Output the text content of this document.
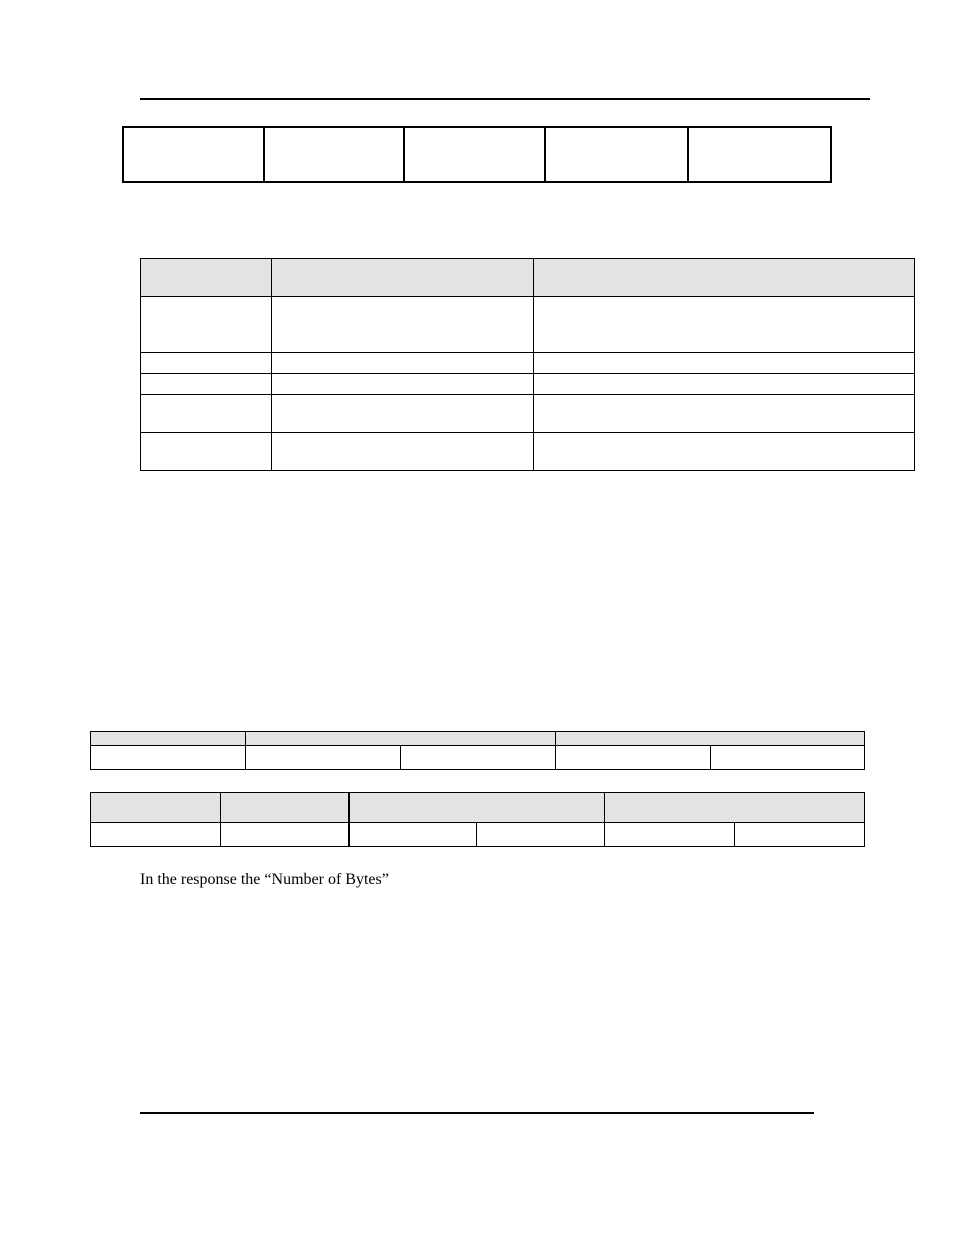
In the response the “Number of Bytes”
